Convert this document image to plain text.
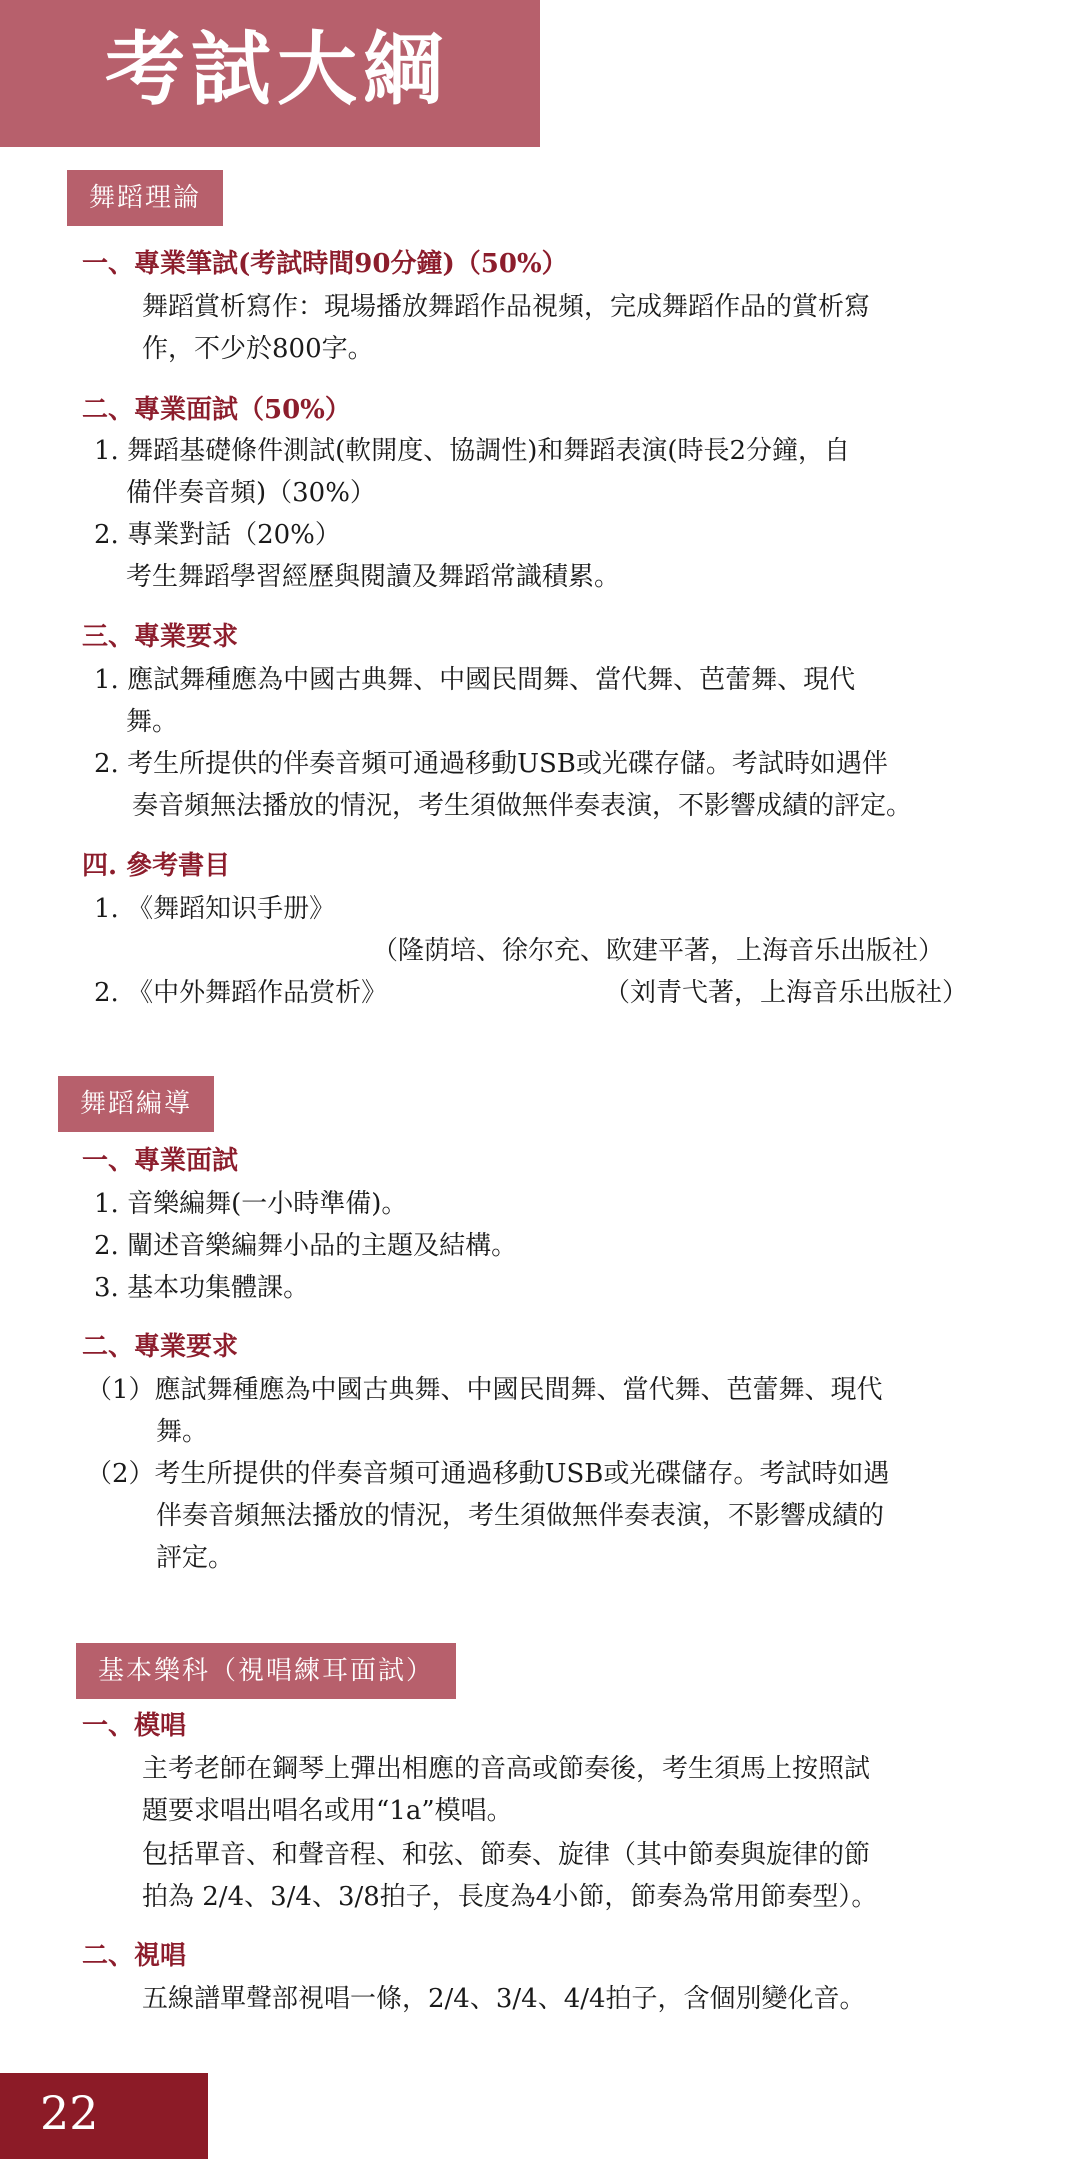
考試大綱
舞蹈理論
一、專業筆試(考試時間90分鐘)（50%）
舞蹈賞析寫作：現場播放舞蹈作品視頻，完成舞蹈作品的賞析寫
作，不少於800字。
二、專業面試（50%）
1. 舞蹈基礎條件測試(軟開度、協調性)和舞蹈表演(時長2分鐘，自
備伴奏音頻)（30%）
2. 專業對話（20%）
考生舞蹈學習經歷與閱讀及舞蹈常識積累。
三、專業要求
1. 應試舞種應為中國古典舞、中國民間舞、當代舞、芭蕾舞、現代
舞。
2. 考生所提供的伴奏音頻可通過移動USB或光碟存儲。考試時如遇伴
奏音頻無法播放的情況，考生須做無伴奏表演，不影響成績的評定。
四. 參考書目
1. 《舞蹈知识手册》
（隆荫培、徐尔充、欧建平著，上海音乐出版社）
2. 《中外舞蹈作品赏析》	（刘青弋著，上海音乐出版社）
舞蹈編導
一、專業面試
1. 音樂編舞(一小時準備)。
2. 闡述音樂編舞小品的主題及結構。
3. 基本功集體課。
二、專業要求
（1）應試舞種應為中國古典舞、中國民間舞、當代舞、芭蕾舞、現代
舞。
（2）考生所提供的伴奏音頻可通過移動USB或光碟儲存。考試時如遇
伴奏音頻無法播放的情況，考生須做無伴奏表演，不影響成績的
評定。
基本樂科（視唱練耳面試）
一、模唱
主考老師在鋼琴上彈出相應的音高或節奏後，考生須馬上按照試
題要求唱出唱名或用“1a”模唱。
包括單音、和聲音程、和弦、節奏、旋律（其中節奏與旋律的節
拍為 2/4、3/4、3/8拍子，長度為4小節，節奏為常用節奏型）。
二、視唱
五線譜單聲部視唱一條，2/4、3/4、4/4拍子，含個別變化音。
22
